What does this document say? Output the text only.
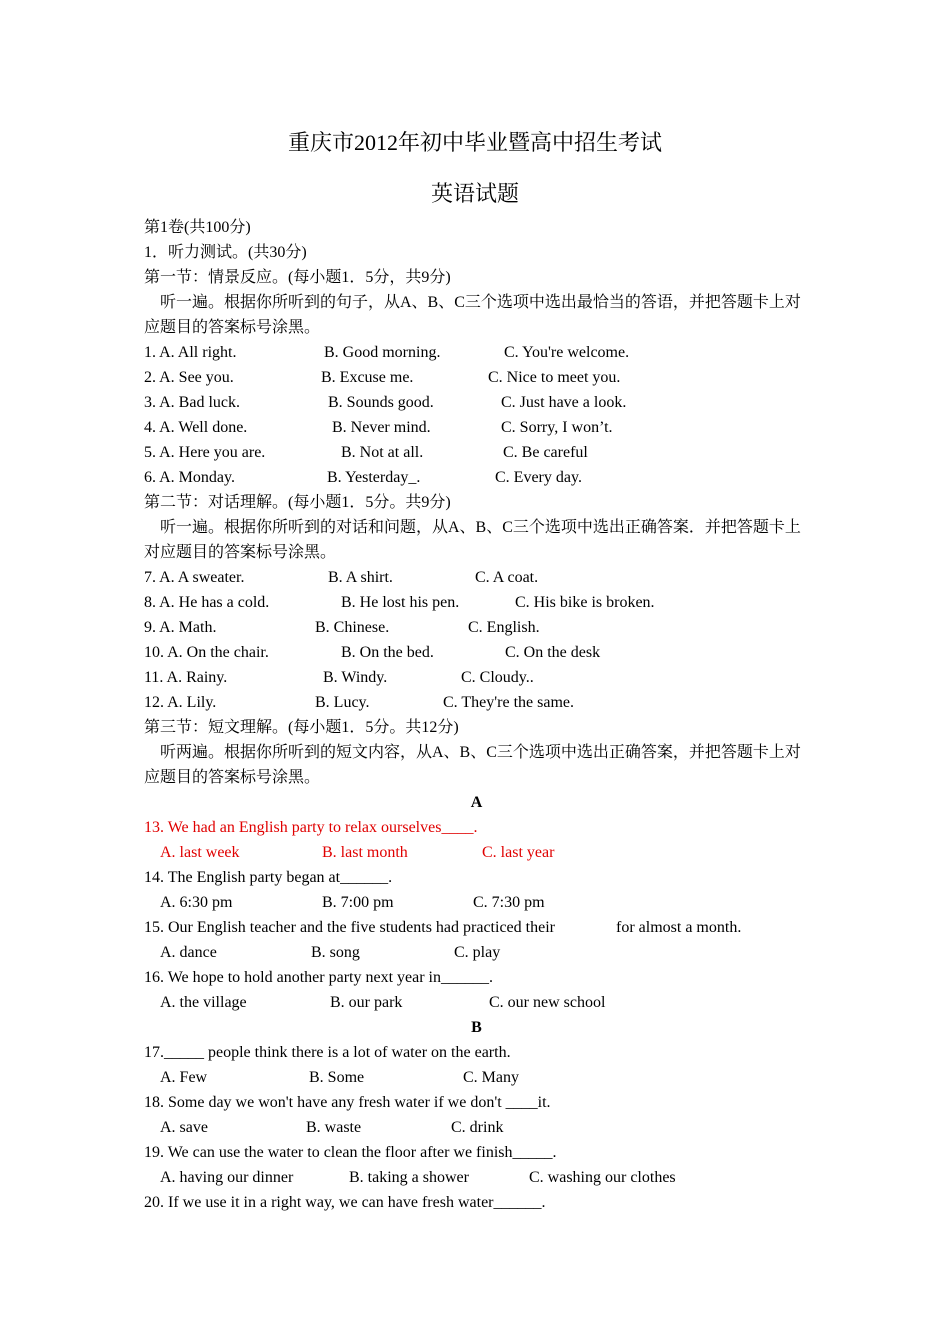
重庆市2012年初中毕业暨高中招生考试
英语试题
第1卷(共100分)
1．听力测试。(共30分)
第一节：情景反应。(每小题1．5分，共9分)
听一遍。根据你所听到的句子，从A、B、C三个选项中选出最恰当的答语，并把答题卡上对应题目的答案标号涂黑。
1. A. All right.	B. Good morning.	C. You're welcome.
2. A. See you.	B. Excuse me.	C. Nice to meet you.
3. A. Bad luck.	B. Sounds good.	C. Just have a look.
4. A. Well done.	B. Never mind.	C. Sorry, I won’t.
5. A. Here you are.	B. Not at all.	C. Be careful
6. A. Monday.	B. Yesterday_.	C. Every day.
第二节：对话理解。(每小题1．5分。共9分)
听一遍。根据你所听到的对话和问题，从A、B、C三个选项中选出正确答案．并把答题卡上对应题目的答案标号涂黑。
7. A. A sweater.	B. A shirt.	C. A coat.
8. A. He has a cold.	B. He lost his pen.	C. His bike is broken.
9. A. Math.	B. Chinese.	C. English.
10. A. On the chair.	B. On the bed.	C. On the desk
11. A. Rainy.	B. Windy.	C. Cloudy..
12. A. Lily.	B. Lucy.	C. They're the same.
第三节：短文理解。(每小题1．5分。共12分)
听两遍。根据你所听到的短文内容，从A、B、C三个选项中选出正确答案，并把答题卡上对应题目的答案标号涂黑。
A
13. We had an English party to relax ourselves____.
A. last week	B. last month	C. last year
14. The English party began at______.
A. 6:30 pm	B. 7:00 pm	C. 7:30 pm
15. Our English teacher and the five students had practiced their	for almost a month.
A. dance	B. song	C. play
16. We hope to hold another party next year in______.
A. the village	B. our park	C. our new school
B
17._____ people think there is a lot of water on the earth.
A. Few	B. Some	C. Many
18. Some day we won't have any fresh water if we don't ____it.
A. save	B. waste	C. drink
19. We can use the water to clean the floor after we finish_____.
A. having our dinner	B. taking a shower	C. washing our clothes
20. If we use it in a right way, we can have fresh water______.
